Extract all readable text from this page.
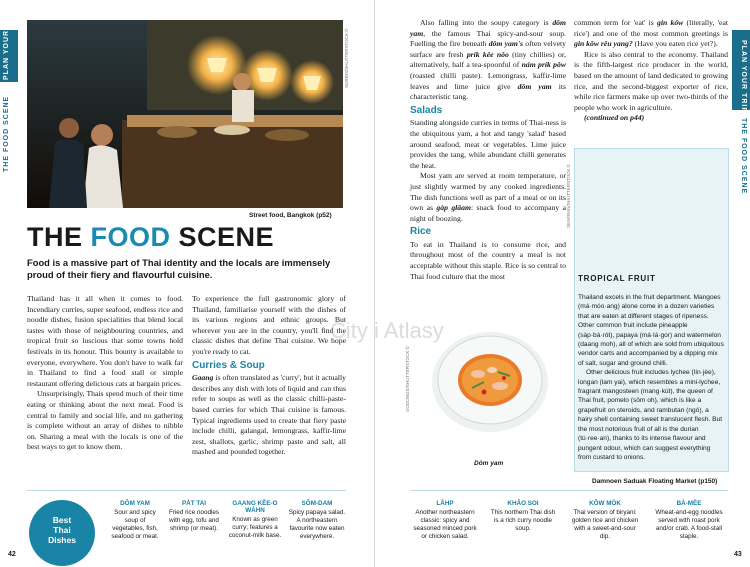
PLAN YOUR TRIP
THE FOOD SCENE
SORBIS/SHUTTERSTOCK ©
Street food, Bangkok (p52)
THE FOOD SCENE
Food is a massive part of Thai identity and the locals are immensely proud of their fiery and flavourful cuisine.

Thailand has it all when it comes to food. Incendiary curries, super seafood, endless rice and noodle dishes, fusion specialities that blend local tastes with those of neighbouring countries, and tropical fruit so luscious that some towns hold festivals in its honour. This bounty is available to everyone, everywhere. You don't have to walk far in Thailand to find a food stall or simple restaurant offering delicious cats at bargain prices.

Unsurprisingly, Thais spend much of their time eating or thinking about the next meal. Food is central to family and social life, and no gathering is complete without an array of dishes to nibble on. Sharing a meal with the locals is one of the best ways to get to know them.

To experience the full gastronomic glory of Thailand, familiarise yourself with the dishes of its various regions and ethnic groups. But wherever you are in the country, you'll find the classic dishes that define Thai cuisine. We hope you're ready to cat.

Curries & Soup

Gaang is often translated as 'curry', but it actually describes any dish with lots of liquid and can thus refer to soups as well as the classic chilli-paste-based curries for which Thai cuisine is famous. Typical ingredients used to create that fiery paste include chilli, galangal, lemongrass, kaffir-lime zest, shallots, garlic, shrimp paste and salt, all mashed and pounded together.

Best
Thai
Dishes
DÔM YAM
Sour and spicy soup of vegetables, fish, seafood or meat.
PÀT TAI
Fried rice noodles with egg, tofu and shrimp (or meat).
GAANG KĚE-O WĂHN
Known as green curry; features a coconut-milk base.
SÔM-DAM
Spicy papaya salad. A northeastern favourite now eaten everywhere.
42
PLAN YOUR TRIP
THE FOOD SCENE
43

Also falling into the soupy category is dôm yam, the famous Thai spicy-and-sour soup. Fuelling the fire beneath dôm yam's often velvety surface are fresh prík kêe nŏo (tiny chillies) or, alternatively, half a tea-spoonful of nám prík pŏw (roasted chilli paste). Lemongrass, kaffir-lime leaves and lime juice give dôm yam its characteristic tang.

Salads

Standing alongside curries in terms of Thai-ness is the ubiquitous yam, a hot and tangy 'salad' based around seafood, meat or vegetables. Lime juice provides the tang, while abundant chilli generates the heat.

Most yam are served at room temperature, or just slightly warmed by any cooked ingredients. The dish functions well as part of a meal or on its own as gàp glâam: snack food to accompany a night of boozing.

Rice

To eat in Thailand is to consume rice, and throughout most of the country a meal is not acceptable without this staple. Rice is so central to Thai food culture that the most

common term for 'eat' is gin kôw (literally, 'eat rice') and one of the most common greetings is gin kôw rĕu yang? (Have you eaten rice yet?).

Rice is also central to the economy. Thailand is the fifth-largest rice producer in the world, based on the amount of land dedicated to growing rice, and the second-biggest exporter of rice, while rice farmers make up over two-thirds of the people who work in agriculture.

(continued on p44)

GODONGS/SHUTTERSTOCK ©
Dôm yam
SEAPRAN/SHUTTERSTOCK ©
TROPICAL FRUIT

Thailand excels in the fruit department. Mangoes (má·móo·ang) alone come in a dozen varieties that are eaten at different stages of ripeness. Other common fruit include pineapple (sàp·bà·rót), papaya (má·lá·gor) and watermelon (daang moh), all of which are sold from ubiquitous vendor carts and accompanied by a dipping mix of salt, sugar and ground chilli.

Other delicious fruit includes lychee (lín·jèe), longan (lam yai), which resembles a mini-lychee, fragrant mangosteen (mang·kút), the queen of Thai fruit, pomelo (sôm oh), which is like a grapefruit on steroids, and rambutan (ngó), a hairy shell containing sweet translucent flesh. But the most notorious fruit of all is the durian (tú·ree·an), thanks to its intense flavour and pungent odour, which can suggest everything from custard to onions.

Damnoen Saduak Floating Market (p150)
LÂHP
Another northeastern classic: spicy and seasoned minced pork or chicken salad.
KHÂO SOI
This northern Thai dish is a rich curry noodle soup.
KÔW MÓK
Thai version of biryani: golden rice and chicken with a sweet-and-sour dip.
BÀ-MÈE
Wheat-and-egg noodles served with roast pork and/or crab. A food-stall staple.
City i Atlasy
